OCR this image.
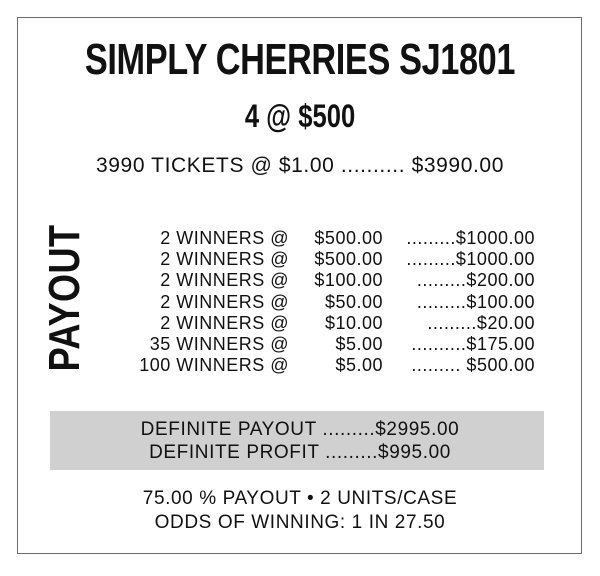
SIMPLY CHERRIES SJ1801
4 @ $500
3990 TICKETS @ $1.00 .......... $3990.00
PAYOUT	2 WINNERS @ $500.00 .........$1000.00
2 WINNERS @ $500.00 .........$1000.00
2 WINNERS @ $100.00 .........$200.00
2 WINNERS @ $50.00 .........$100.00
2 WINNERS @ $10.00 .........$20.00
35 WINNERS @	$5.00 ..........$175.00
100 WINNERS @	$5.00 ......... $500.00
DEFINITE PAYOUT .........$2995.00
DEFINITE PROFIT .........$995.00
75.00 % PAYOUT • 2 UNITS/CASE
ODDS OF WINNING: 1 IN 27.50
